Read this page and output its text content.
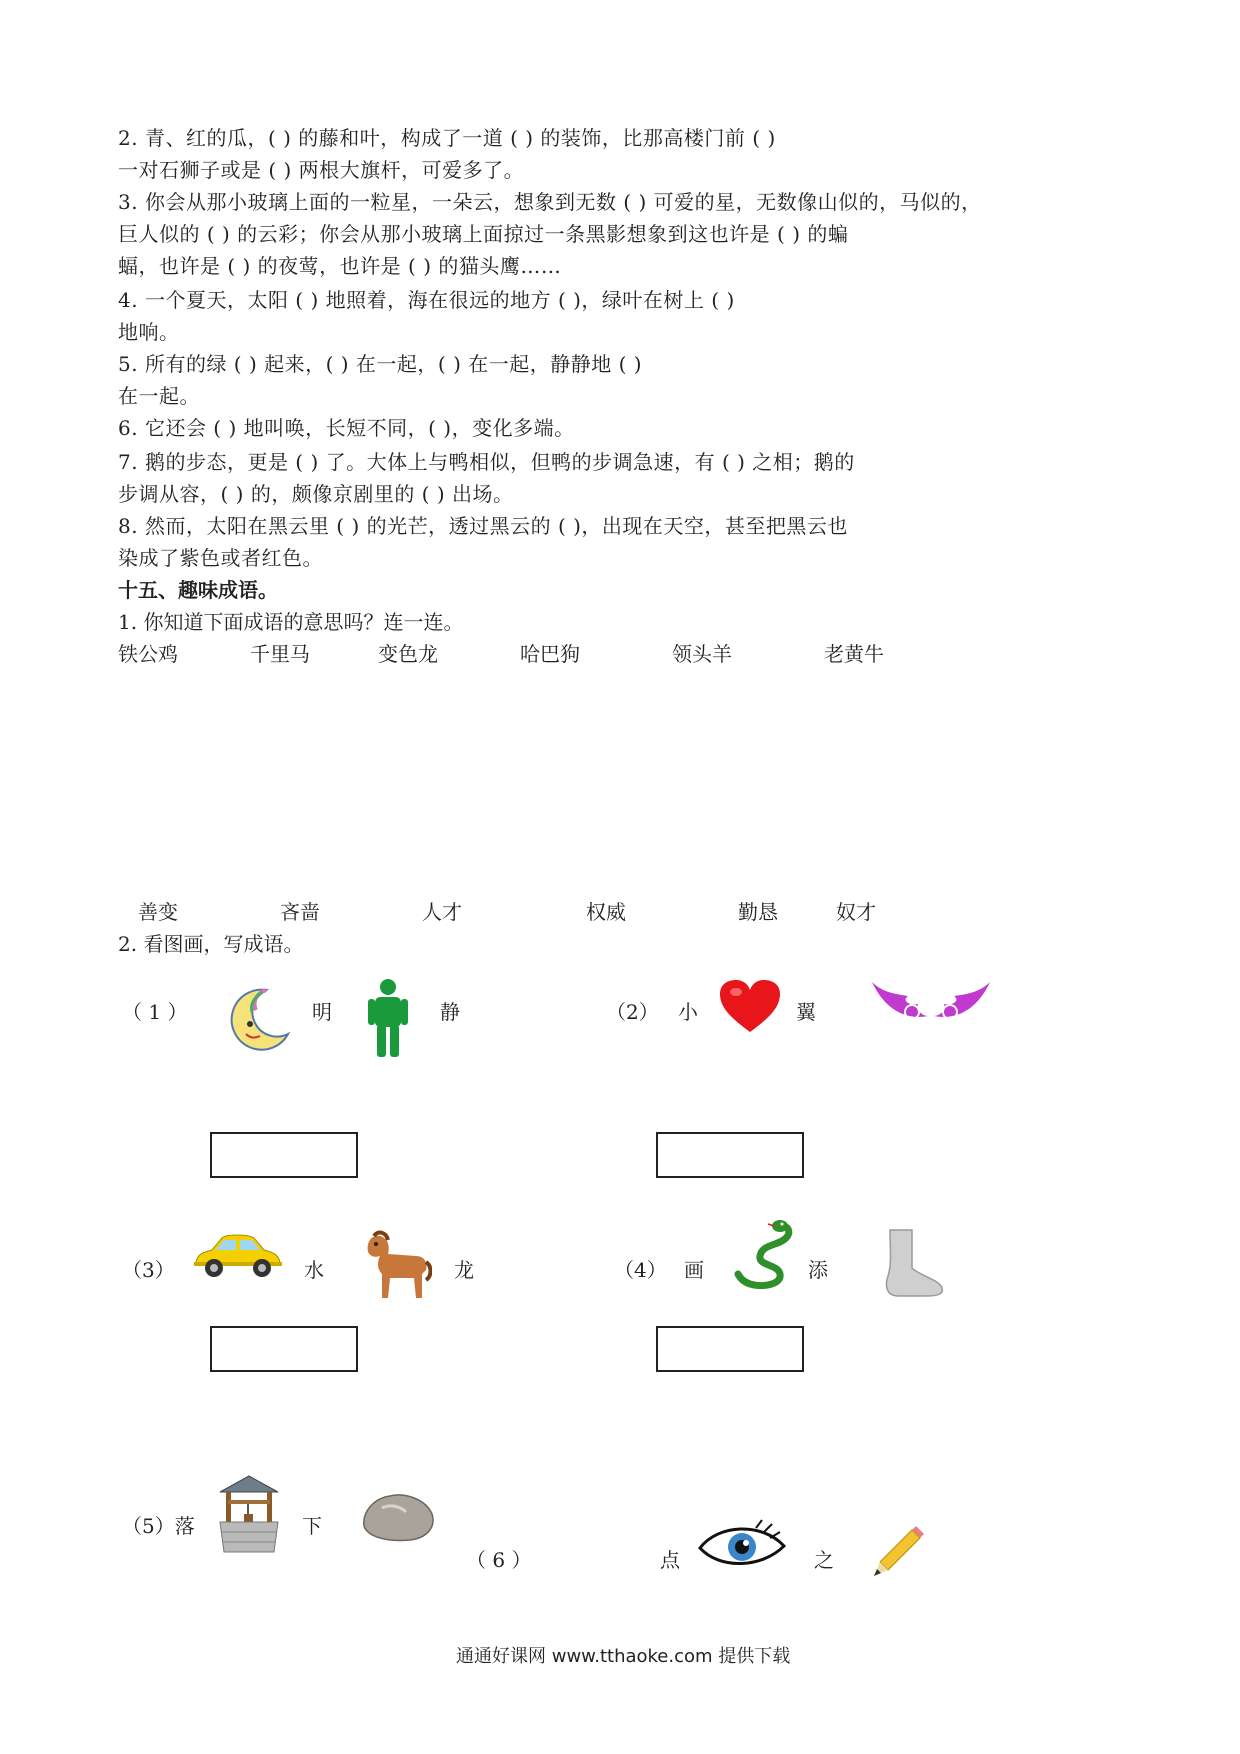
2. 青、红的瓜，( ) 的藤和叶，构成了一道 ( ) 的装饰，比那高楼门前 ( )
一对石狮子或是 ( ) 两根大旗杆，可爱多了。
3. 你会从那小玻璃上面的一粒星，一朵云，想象到无数 ( ) 可爱的星，无数像山似的，马似的，
巨人似的 ( ) 的云彩；你会从那小玻璃上面掠过一条黑影想象到这也许是 ( ) 的蝙
蝠，也许是 ( ) 的夜莺，也许是 ( ) 的猫头鹰……
4. 一个夏天，太阳 ( ) 地照着，海在很远的地方 ( )，绿叶在树上 ( )
地响。
5. 所有的绿 ( ) 起来，( ) 在一起，( ) 在一起，静静地 ( )
在一起。
6. 它还会 ( ) 地叫唤，长短不同，( )，变化多端。
7. 鹅的步态，更是 ( ) 了。大体上与鸭相似，但鸭的步调急速，有 ( ) 之相；鹅的
步调从容，( ) 的，颇像京剧里的 ( ) 出场。
8. 然而，太阳在黑云里 ( ) 的光芒，透过黑云的 ( )，出现在天空，甚至把黑云也
染成了紫色或者红色。
十五、趣味成语。
1. 你知道下面成语的意思吗？连一连。
铁公鸡	千里马	变色龙	哈巴狗	领头羊	老黄牛
善变	吝啬	人才	权威	勤恳	奴才
2. 看图画，写成语。
（ 1 ）	明	静	（2） 小	翼
（3）	水	龙	（4） 画	添
（5）落	下
（ 6 ）	点	之
通通好课网 www.tthaoke.com 提供下载
